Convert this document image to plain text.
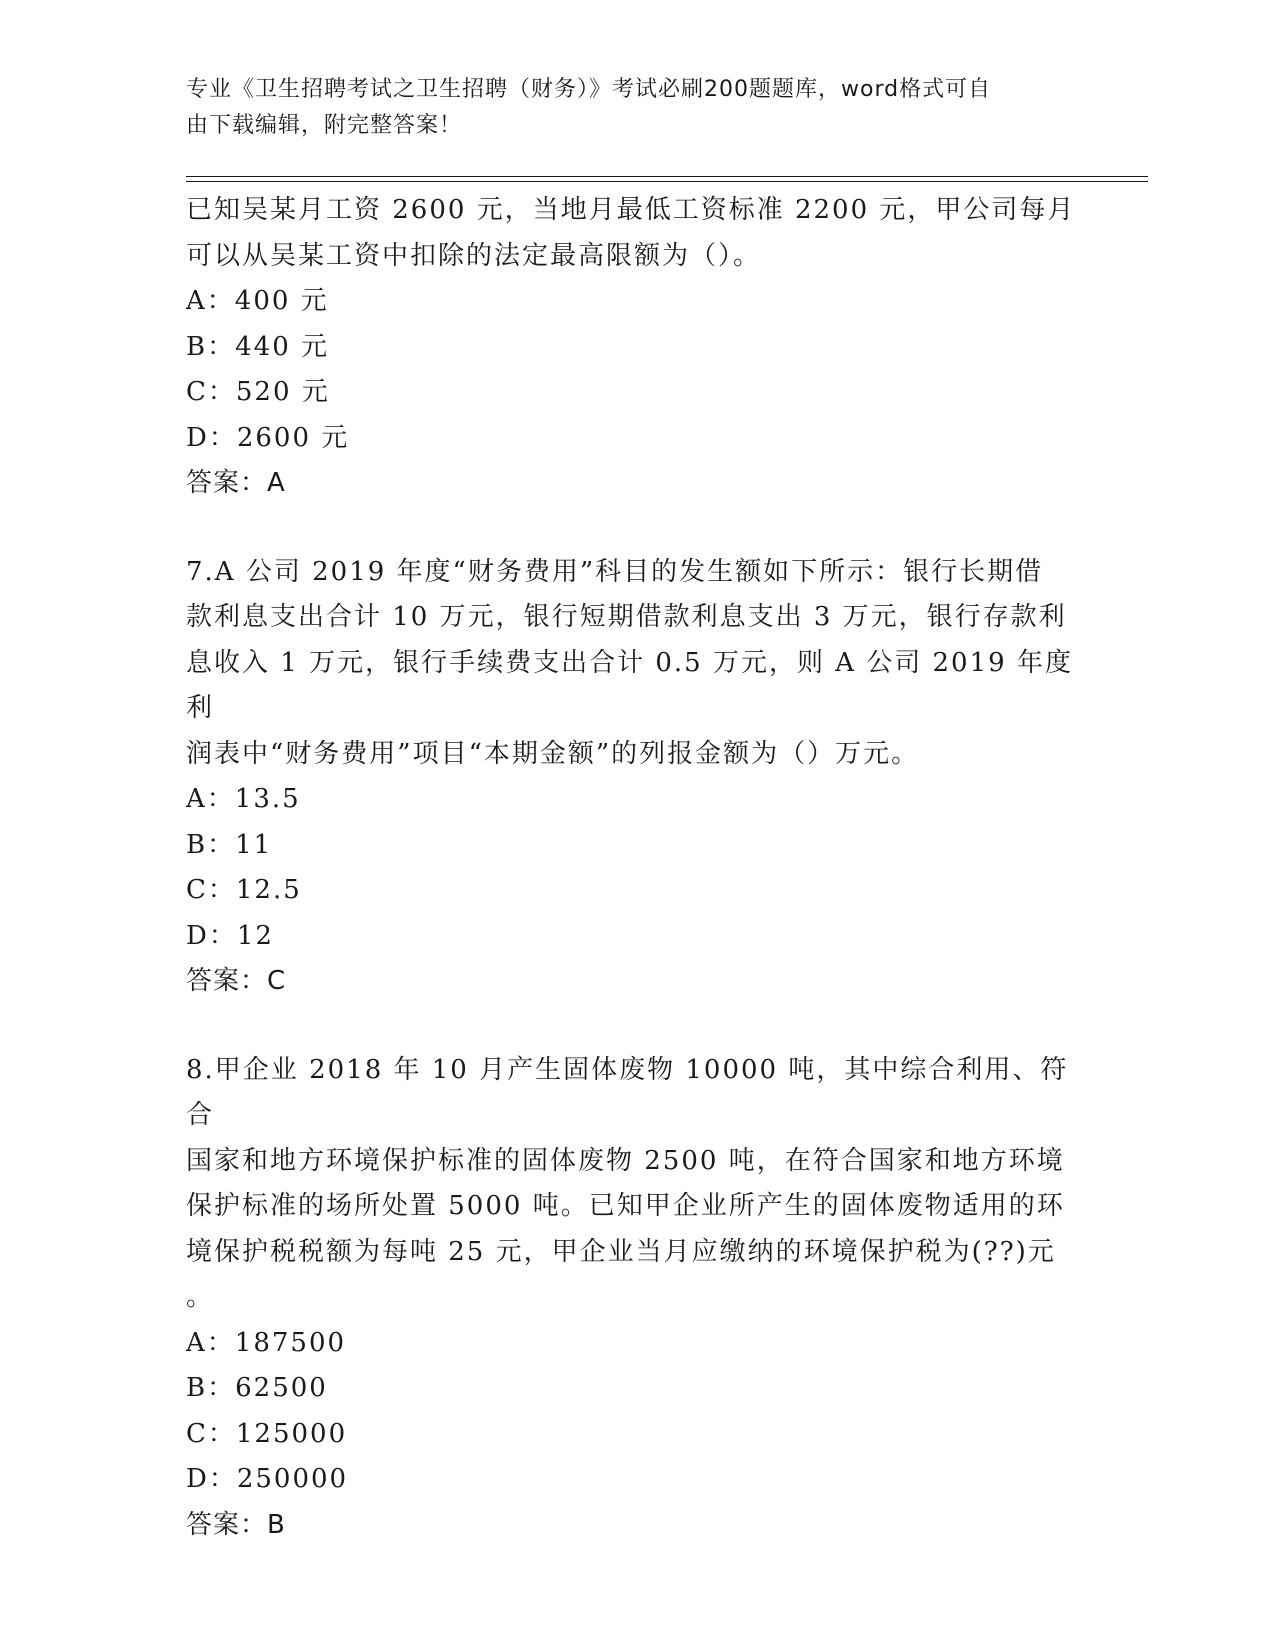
专业《卫生招聘考试之卫生招聘（财务）》考试必刷200题题库，word格式可自
由下载编辑，附完整答案！

已知吴某月工资 2600 元，当地月最低工资标准 2200 元，甲公司每月

可以从吴某工资中扣除的法定最高限额为（）。

A：400 元

B：440 元

C：520 元

D：2600 元

答案：A

7.A 公司 2019 年度“财务费用”科目的发生额如下所示：银行长期借

款利息支出合计 10 万元，银行短期借款利息支出 3 万元，银行存款利

息收入 1 万元，银行手续费支出合计 0.5 万元，则 A 公司 2019 年度利

润表中“财务费用”项目“本期金额”的列报金额为（）万元。

A：13.5

B：11

C：12.5

D：12

答案：C

8.甲企业 2018 年 10 月产生固体废物 10000 吨，其中综合利用、符合

国家和地方环境保护标准的固体废物 2500 吨，在符合国家和地方环境

保护标准的场所处置 5000 吨。已知甲企业所产生的固体废物适用的环

境保护税税额为每吨 25 元，甲企业当月应缴纳的环境保护税为(??)元

。

A：187500

B：62500

C：125000

D：250000

答案：B
